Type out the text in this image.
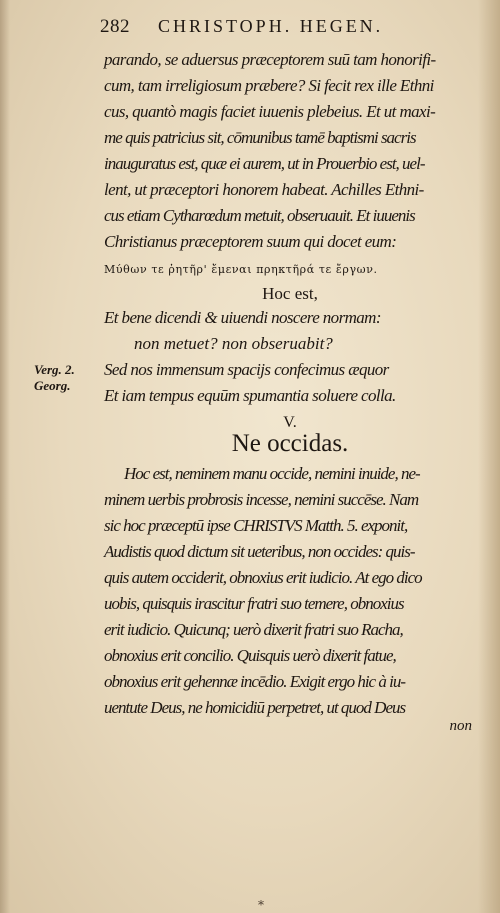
282 CHRISTOPH. HEGEN.
parando, se aduersus præceptorem suū tam honorifi-
cum, tam irreligiosum præbere? Si fecit rex ille Ethni
cus, quantò magis faciet iuuenis plebeius. Et ut maxi-
me quis patricius sit, cōmunibus tamē baptismi sacris
inauguratus est, quæ ei aurem, ut in Prouerbio est, uel-
lent, ut præceptori honorem habeat. Achilles Ethni-
cus etiam Cytharœdum metuit, obseruauit. Et iuuenis
Christianus præceptorem suum qui docet eum:
Μύθων τε ῥητῆρ' ἔμεναι πρηκτῆρά τε ἔργων.
Hoc est,
Et bene dicendi & uiuendi noscere normam:
non metuet? non obseruabit?
Verg. 2.
Georg.
Sed nos immensum spacijs confecimus æquor
Et iam tempus equūm spumantia soluere colla.
V.
Ne occidas.
Hoc est, neminem manu occide, nemini inuide, ne-
minem uerbis probrosis incesse, nemini succēse. Nam
sic hoc præceptū ipse CHRISTVS Matth. 5. exponit,
Audistis quod dictum sit ueteribus, non occides: quis-
quis autem occiderit, obnoxius erit iudicio. At ego dico
uobis, quisquis irascitur fratri suo temere, obnoxius
erit iudicio. Quicunq; uerò dixerit fratri suo Racha,
obnoxius erit concilio. Quisquis uerò dixerit fatue,
obnoxius erit gehennæ incēdio. Exigit ergo hic à iu-
uentute Deus, ne homicidiū perpetret, ut quod Deus
non
*
